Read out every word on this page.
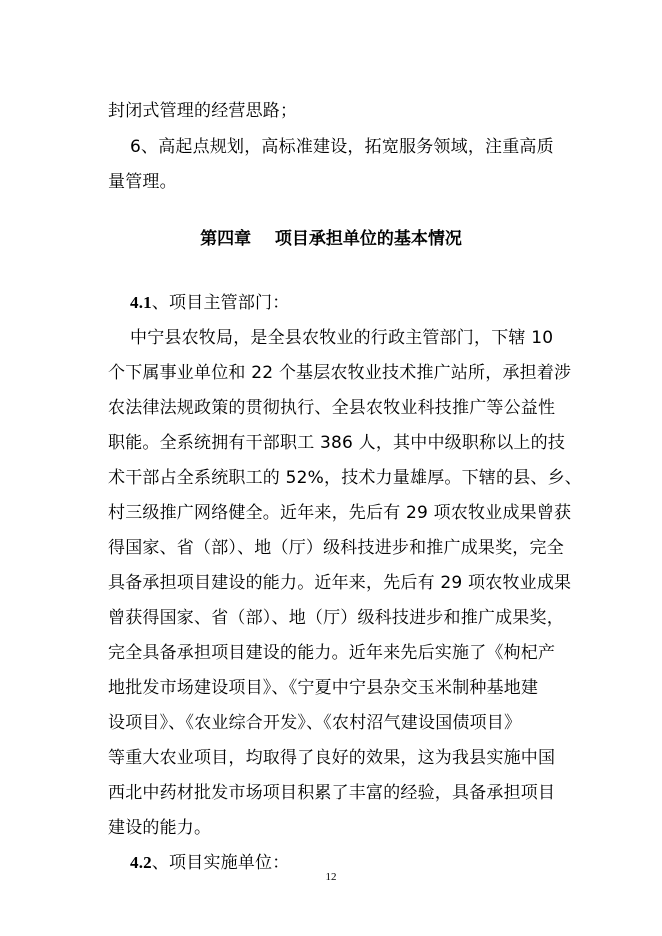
封闭式管理的经营思路；
6、高起点规划，高标准建设，拓宽服务领域，注重高质
量管理。
第四章    项目承担单位的基本情况
4.1、项目主管部门：
中宁县农牧局，是全县农牧业的行政主管部门，下辖 10
个下属事业单位和 22 个基层农牧业技术推广站所，承担着涉
农法律法规政策的贯彻执行、全县农牧业科技推广等公益性
职能。全系统拥有干部职工 386 人，其中中级职称以上的技
术干部占全系统职工的 52%，技术力量雄厚。下辖的县、乡、
村三级推广网络健全。近年来，先后有 29 项农牧业成果曾获
得国家、省（部）、地（厅）级科技进步和推广成果奖，完全
具备承担项目建设的能力。近年来，先后有 29 项农牧业成果
曾获得国家、省（部）、地（厅）级科技进步和推广成果奖，
完全具备承担项目建设的能力。近年来先后实施了《枸杞产
地批发市场建设项目》、《宁夏中宁县杂交玉米制种基地建
设项目》、《农业综合开发》、《农村沼气建设国债项目》
等重大农业项目，均取得了良好的效果，这为我县实施中国
西北中药材批发市场项目积累了丰富的经验，具备承担项目
建设的能力。
4.2、项目实施单位：
12
